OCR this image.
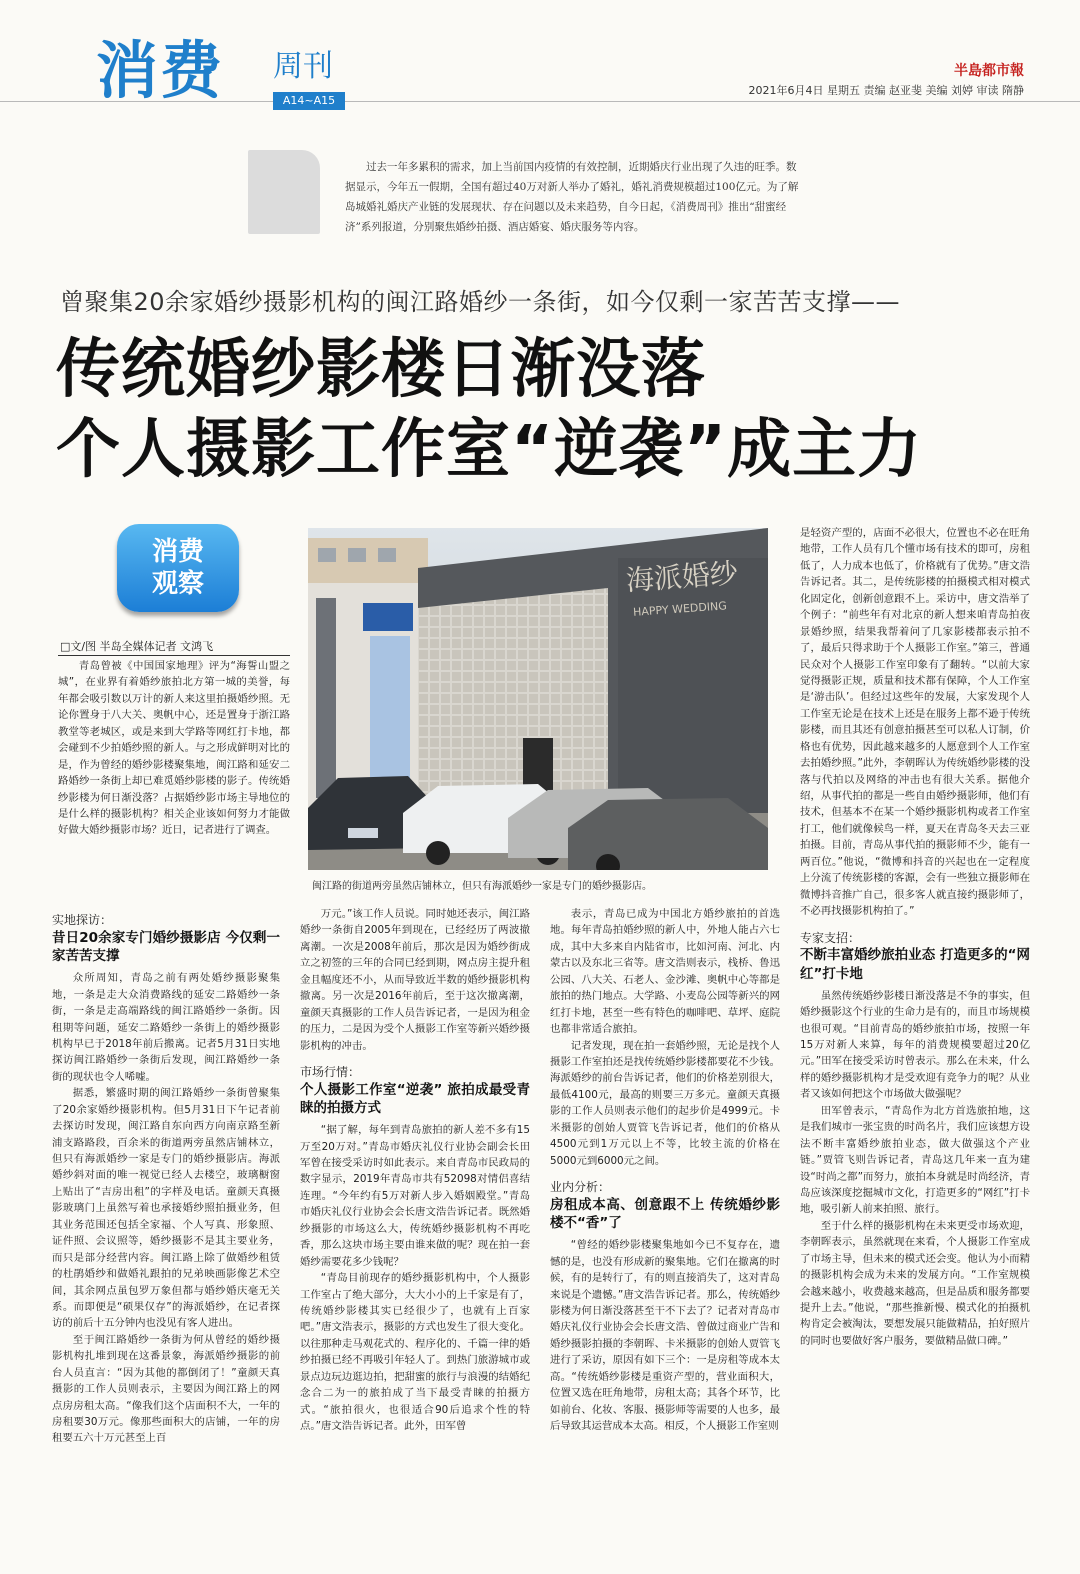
消费 周刊
A14~A15
半島都市報
2021年6月4日 星期五 责编 赵亚斐 美编 刘婷 审读 隋静
过去一年多累积的需求，加上当前国内疫情的有效控制，近期婚庆行业出现了久违的旺季。数据显示，今年五一假期，全国有超过40万对新人举办了婚礼，婚礼消费规模超过100亿元。为了解岛城婚礼婚庆产业链的发展现状、存在问题以及未来趋势，自今日起，《消费周刊》推出“甜蜜经济”系列报道，分别聚焦婚纱拍摄、酒店婚宴、婚庆服务等内容。
曾聚集20余家婚纱摄影机构的闽江路婚纱一条街，如今仅剩一家苦苦支撑——
传统婚纱影楼日渐没落
个人摄影工作室“逆袭”成主力
消费
观察
□文/图 半岛全媒体记者 文鸿飞
海派婚纱
HAPPY WEDDING
闽江路的街道两旁虽然店铺林立，但只有海派婚纱一家是专门的婚纱摄影店。

青岛曾被《中国国家地理》评为“海誓山盟之城”，在业界有着婚纱旅拍北方第一城的美誉，每年都会吸引数以万计的新人来这里拍摄婚纱照。无论你置身于八大关、奥帆中心，还是置身于浙江路教堂等老城区，或是来到大学路等网红打卡地，都会碰到不少拍婚纱照的新人。与之形成鲜明对比的是，作为曾经的婚纱影楼聚集地，闽江路和延安二路婚纱一条街上却已难觅婚纱影楼的影子。传统婚纱影楼为何日渐没落？占据婚纱影市场主导地位的是什么样的摄影机构？相关企业该如何努力才能做好做大婚纱摄影市场？近日，记者进行了调查。

实地探访：
昔日20余家专门婚纱摄影店 今仅剩一家苦苦支撑

众所周知，青岛之前有两处婚纱摄影聚集地，一条是走大众消费路线的延安二路婚纱一条街，一条是走高端路线的闽江路婚纱一条街。因租期等问题，延安二路婚纱一条街上的婚纱摄影机构早已于2018年前后搬离。记者5月31日实地探访闽江路婚纱一条街后发现，闽江路婚纱一条街的现状也令人唏嘘。

据悉，繁盛时期的闽江路婚纱一条街曾聚集了20余家婚纱摄影机构。但5月31日下午记者前去探访时发现，闽江路自东向西方向南京路至新浦支路路段，百余米的街道两旁虽然店铺林立，但只有海派婚纱一家是专门的婚纱摄影店。海派婚纱斜对面的唯一视觉已经人去楼空，玻璃橱窗上贴出了“吉房出租”的字样及电话。童颜天真摄影玻璃门上虽然写着也承接婚纱照拍摄业务，但其业务范围还包括全家福、个人写真、形象照、证件照、会议照等，婚纱摄影不是其主要业务，而只是部分经营内容。闽江路上除了做婚纱租赁的杜鹃婚纱和做婚礼跟拍的兄弟映画影像艺术空间，其余网点虽包罗万象但都与婚纱婚庆毫无关系。而即便是“硕果仅存”的海派婚纱，在记者探访的前后十五分钟内也没见有客人进出。

至于闽江路婚纱一条街为何从曾经的婚纱摄影机构扎堆到现在这番景象，海派婚纱摄影的前台人员直言：“因为其他的都倒闭了！”童颜天真摄影的工作人员则表示，主要因为闽江路上的网点房房租太高。“像我们这个店面积不大，一年的房租要30万元。像那些面积大的店铺，一年的房租要五六十万元甚至上百

万元。”该工作人员说。同时她还表示，闽江路婚纱一条街自2005年到现在，已经经历了两波撤离潮。一次是2008年前后，那次是因为婚纱街成立之初签的三年的合同已经到期，网点房主提升租金且幅度还不小，从而导致近半数的婚纱摄影机构撤离。另一次是2016年前后，至于这次撤离潮，童颜天真摄影的工作人员告诉记者，一是因为租金的压力，二是因为受个人摄影工作室等新兴婚纱摄影机构的冲击。

市场行情：
个人摄影工作室“逆袭” 旅拍成最受青睐的拍摄方式

“据了解，每年到青岛旅拍的新人差不多有15万至20万对。”青岛市婚庆礼仪行业协会副会长田军曾在接受采访时如此表示。来自青岛市民政局的数字显示，2019年青岛市共有52098对情侣喜结连理。“今年约有5万对新人步入婚姻殿堂。”青岛市婚庆礼仪行业协会会长唐文浩告诉记者。既然婚纱摄影的市场这么大，传统婚纱摄影机构不再吃香，那么这块市场主要由谁来做的呢？现在拍一套婚纱需要花多少钱呢？

“青岛目前现存的婚纱摄影机构中，个人摄影工作室占了绝大部分，大大小小的上千家是有了，传统婚纱影楼其实已经很少了，也就有上百家吧。”唐文浩表示，摄影的方式也发生了很大变化。以往那种走马观花式的、程序化的、千篇一律的婚纱拍摄已经不再吸引年轻人了。到热门旅游城市或景点边玩边逛边拍，把甜蜜的旅行与浪漫的结婚纪念合二为一的旅拍成了当下最受青睐的拍摄方式。“旅拍很火，也很适合90后追求个性的特点。”唐文浩告诉记者。此外，田军曾

表示，青岛已成为中国北方婚纱旅拍的首选地。每年青岛拍婚纱照的新人中，外地人能占六七成，其中大多来自内陆省市，比如河南、河北、内蒙古以及东北三省等。唐文浩则表示，栈桥、鲁迅公园、八大关、石老人、金沙滩、奥帆中心等都是旅拍的热门地点。大学路、小麦岛公园等新兴的网红打卡地，甚至一些有特色的咖啡吧、草坪、庭院也都非常适合旅拍。

记者发现，现在拍一套婚纱照，无论是找个人摄影工作室拍还是找传统婚纱影楼都要花不少钱。海派婚纱的前台告诉记者，他们的价格差别很大，最低4100元，最高的则要三万多元。童颜天真摄影的工作人员则表示他们的起步价是4999元。卡米摄影的创始人贾管飞告诉记者，他们的价格从4500元到1万元以上不等，比较主流的价格在5000元到6000元之间。

业内分析：
房租成本高、创意跟不上 传统婚纱影楼不“香”了

“曾经的婚纱影楼聚集地如今已不复存在，遗憾的是，也没有形成新的聚集地。它们在撤离的时候，有的是转行了，有的则直接消失了，这对青岛来说是个遗憾。”唐文浩告诉记者。那么，传统婚纱影楼为何日渐没落甚至干不下去了？记者对青岛市婚庆礼仪行业协会会长唐文浩、曾做过商业广告和婚纱摄影拍摄的李朝晖、卡米摄影的创始人贾管飞进行了采访，原因有如下三个：一是房租等成本太高。“传统婚纱影楼是重资产型的，营业面积大，位置又选在旺角地带，房租太高；其各个环节，比如前台、化妆、客服、摄影师等需要的人也多，最后导致其运营成本太高。相反，个人摄影工作室则

是轻资产型的，店面不必很大，位置也不必在旺角地带，工作人员有几个懂市场有技术的即可，房租低了，人力成本也低了，价格就有了优势。”唐文浩告诉记者。其二，是传统影楼的拍摄模式相对模式化固定化，创新创意跟不上。采访中，唐文浩举了个例子：“前些年有对北京的新人想来咱青岛拍夜景婚纱照，结果我帮着问了几家影楼都表示拍不了，最后只得求助于个人摄影工作室。”第三，普通民众对个人摄影工作室印象有了翻转。“以前大家觉得摄影正规，质量和技术都有保障，个人工作室是‘游击队’。但经过这些年的发展，大家发现个人工作室无论是在技术上还是在服务上都不逊于传统影楼，而且其还有创意拍摄甚至可以私人订制，价格也有优势，因此越来越多的人愿意到个人工作室去拍婚纱照。”此外，李朝晖认为传统婚纱影楼的没落与代拍以及网络的冲击也有很大关系。据他介绍，从事代拍的都是一些自由婚纱摄影师，他们有技术，但基本不在某一个婚纱摄影机构或者工作室打工，他们就像候鸟一样，夏天在青岛冬天去三亚拍摄。目前，青岛从事代拍的摄影师不少，能有一两百位。”他说，“微博和抖音的兴起也在一定程度上分流了传统影楼的客源，会有一些独立摄影师在微博抖音推广自己，很多客人就直接约摄影师了，不必再找摄影机构拍了。”

专家支招：
不断丰富婚纱旅拍业态 打造更多的“网红”打卡地

虽然传统婚纱影楼日渐没落是不争的事实，但婚纱摄影这个行业的生命力是有的，而且市场规模也很可观。“目前青岛的婚纱旅拍市场，按照一年15万对新人来算，每年的消费规模要超过20亿元。”田军在接受采访时曾表示。那么在未来，什么样的婚纱摄影机构才是受欢迎有竞争力的呢？从业者又该如何把这个市场做大做强呢？

田军曾表示，“青岛作为北方首选旅拍地，这是我们城市一张宝贵的时尚名片，我们应该想方设法不断丰富婚纱旅拍业态，做大做强这个产业链。”贾管飞则告诉记者，青岛这几年来一直为建设“时尚之都”而努力，旅拍本身就是时尚经济，青岛应该深度挖掘城市文化，打造更多的“网红”打卡地，吸引新人前来拍照、旅行。

至于什么样的摄影机构在未来更受市场欢迎，李朝晖表示，虽然就现在来看，个人摄影工作室成了市场主导，但未来的模式还会变。他认为小而精的摄影机构会成为未来的发展方向。“工作室规模会越来越小，收费越来越高，但是品质和服务都要提升上去。”他说，“那些推新慢、模式化的拍摄机构肯定会被淘汰，要想发展只能做精品，拍好照片的同时也要做好客户服务，要做精品做口碑。”
